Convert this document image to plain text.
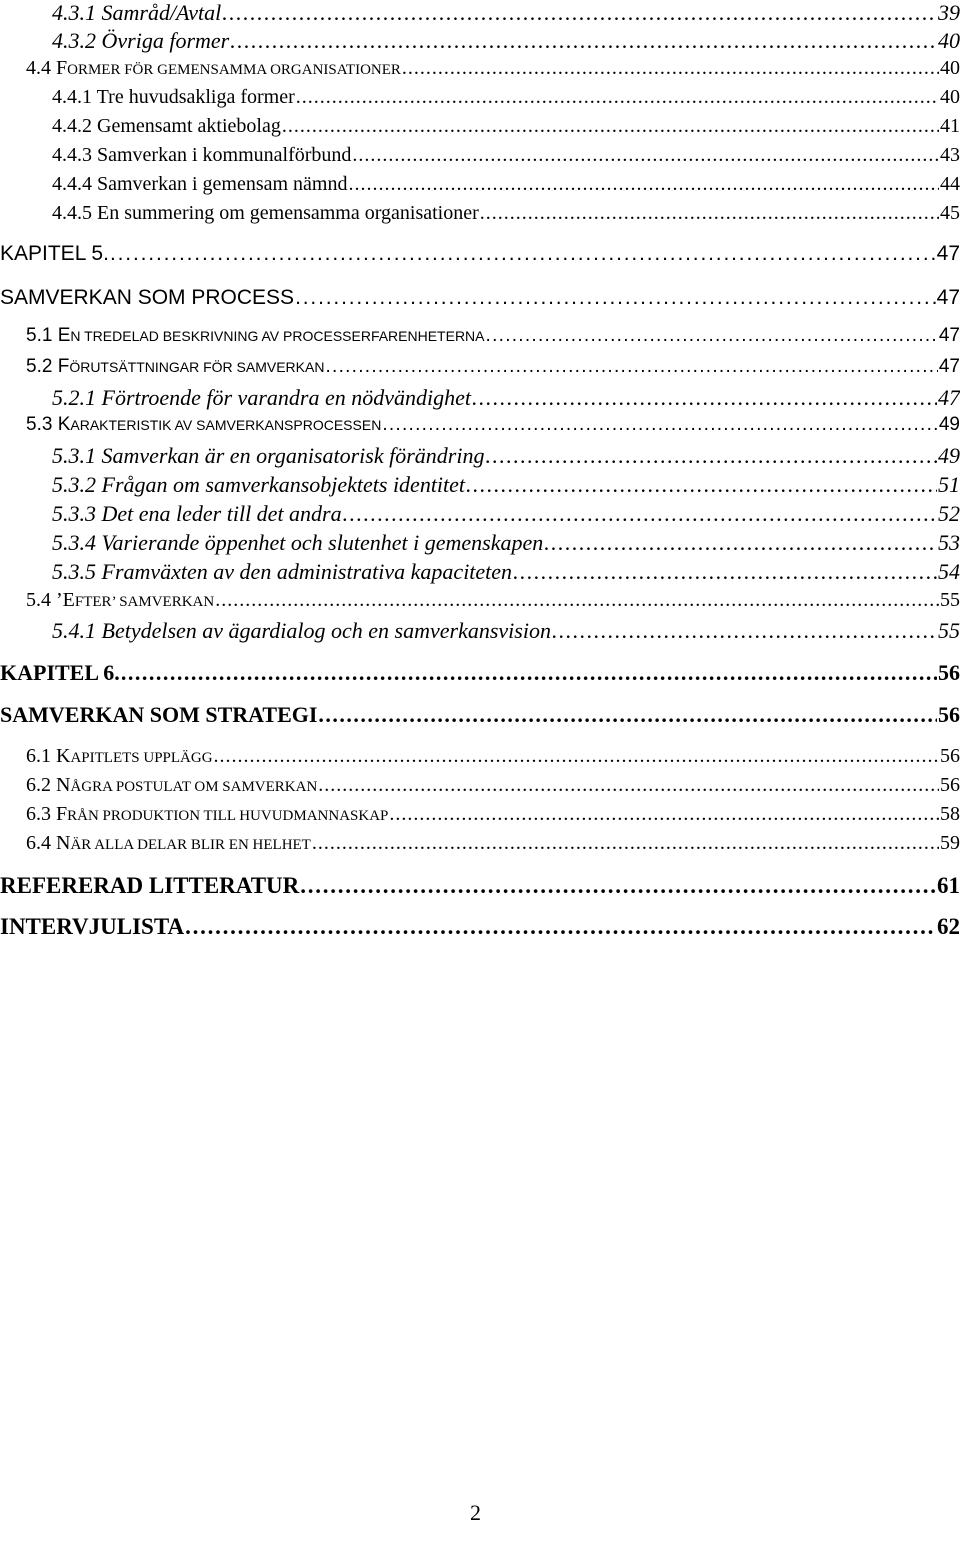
4.3.1 Samråd/Avtal . . .	39
4.3.2 Övriga former . . .	40
4.4 FORMER FÖR GEMENSAMMA ORGANISATIONER . . .	40
4.4.1 Tre huvudsakliga former . . .	40
4.4.2 Gemensamt aktiebolag . . .	41
4.4.3 Samverkan i kommunalförbund . . .	43
4.4.4 Samverkan i gemensam nämnd . . .	44
4.4.5 En summering om gemensamma organisationer . . .	45
KAPITEL 5. . . .	47
SAMVERKAN SOM PROCESS . . .	47
5.1 EN TREDELAD BESKRIVNING AV PROCESSERFARENHETERNA . . .	47
5.2 FÖRUTSÄTTNINGAR FÖR SAMVERKAN . . .	47
5.2.1 Förtroende för varandra en nödvändighet . . .	47
5.3 KARAKTERISTIK AV SAMVERKANSPROCESSEN . . .	49
5.3.1 Samverkan är en organisatorisk förändring . . .	49
5.3.2 Frågan om samverkansobjektets identitet . . .	51
5.3.3 Det ena leder till det andra . . .	52
5.3.4 Varierande öppenhet och slutenhet i gemenskapen . . .	53
5.3.5 Framväxten av den administrativa kapaciteten . . .	54
5.4 ’EFTER’ SAMVERKAN . . .	55
5.4.1 Betydelsen av ägardialog och en samverkansvision . . .	55
KAPITEL 6. . . .	56
SAMVERKAN SOM STRATEGI . . .	56
6.1 KAPITLETS UPPLÄGG . . .	56
6.2 NÅGRA POSTULAT OM SAMVERKAN . . .	56
6.3 FRÅN PRODUKTION TILL HUVUDMANNASKAP . . .	58
6.4 NÄR ALLA DELAR BLIR EN HELHET . . .	59
REFERERAD LITTERATUR . . .	61
INTERVJULISTA . . .	62
2
